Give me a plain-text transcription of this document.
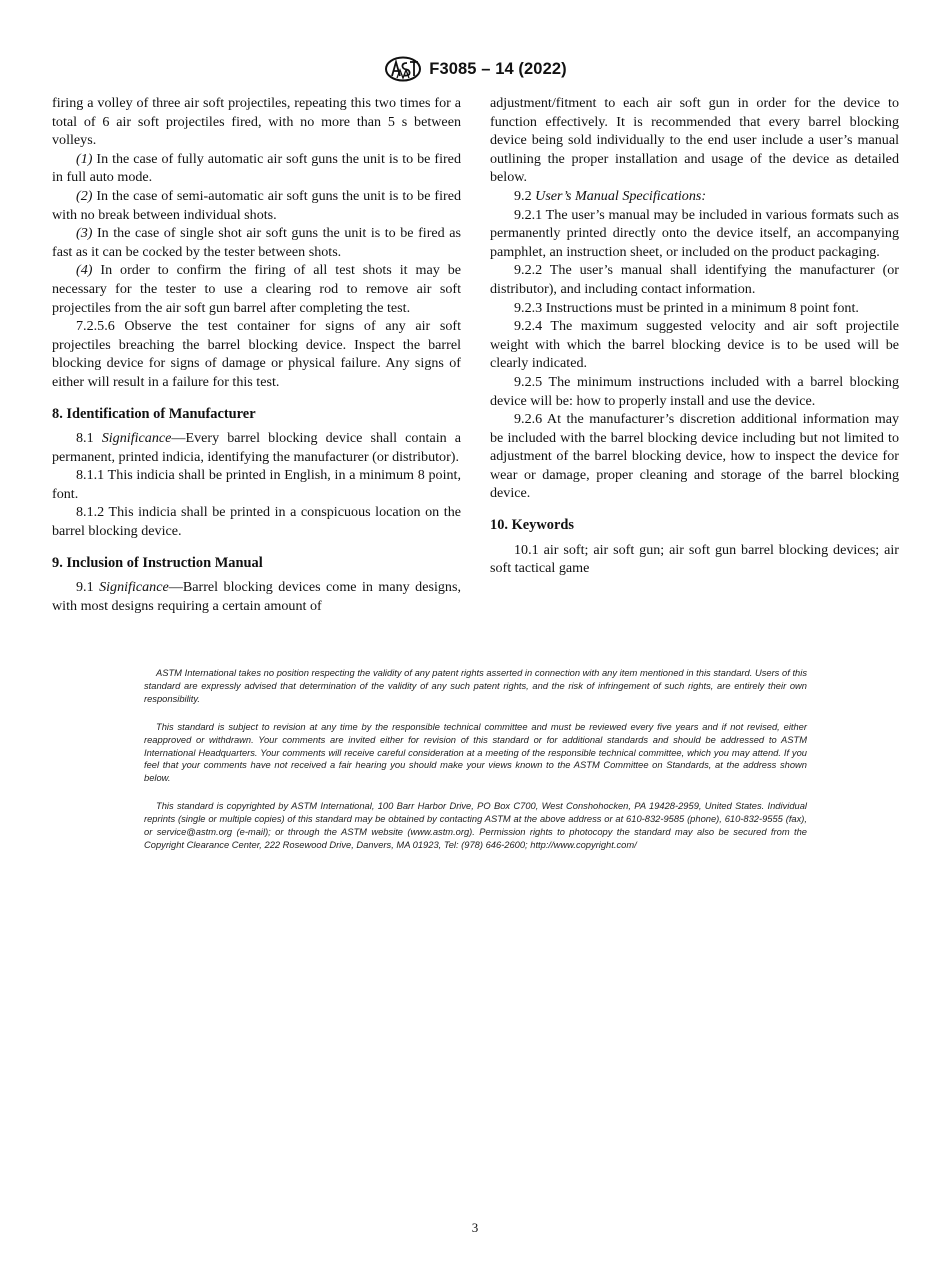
F3085 – 14 (2022)

firing a volley of three air soft projectiles, repeating this two times for a total of 6 air soft projectiles fired, with no more than 5 s between volleys.

(1) In the case of fully automatic air soft guns the unit is to be fired in full auto mode.

(2) In the case of semi-automatic air soft guns the unit is to be fired with no break between individual shots.

(3) In the case of single shot air soft guns the unit is to be fired as fast as it can be cocked by the tester between shots.

(4) In order to confirm the firing of all test shots it may be necessary for the tester to use a clearing rod to remove air soft projectiles from the air soft gun barrel after completing the test.

7.2.5.6 Observe the test container for signs of any air soft projectiles breaching the barrel blocking device. Inspect the barrel blocking device for signs of damage or physical failure. Any signs of either will result in a failure for this test.

8. Identification of Manufacturer

8.1 Significance—Every barrel blocking device shall contain a permanent, printed indicia, identifying the manufacturer (or distributor).

8.1.1 This indicia shall be printed in English, in a minimum 8 point, font.

8.1.2 This indicia shall be printed in a conspicuous location on the barrel blocking device.

9. Inclusion of Instruction Manual

9.1 Significance—Barrel blocking devices come in many designs, with most designs requiring a certain amount of

adjustment/fitment to each air soft gun in order for the device to function effectively. It is recommended that every barrel blocking device being sold individually to the end user include a user’s manual outlining the proper installation and usage of the device as detailed below.

9.2 User’s Manual Specifications:

9.2.1 The user’s manual may be included in various formats such as permanently printed directly onto the device itself, an accompanying pamphlet, an instruction sheet, or included on the product packaging.

9.2.2 The user’s manual shall identifying the manufacturer (or distributor), and including contact information.

9.2.3 Instructions must be printed in a minimum 8 point font.

9.2.4 The maximum suggested velocity and air soft projectile weight with which the barrel blocking device is to be used will be clearly indicated.

9.2.5 The minimum instructions included with a barrel blocking device will be: how to properly install and use the device.

9.2.6 At the manufacturer’s discretion additional information may be included with the barrel blocking device including but not limited to adjustment of the barrel blocking device, how to inspect the device for wear or damage, proper cleaning and storage of the barrel blocking device.

10. Keywords

10.1 air soft; air soft gun; air soft gun barrel blocking devices; air soft tactical game

ASTM International takes no position respecting the validity of any patent rights asserted in connection with any item mentioned in this standard. Users of this standard are expressly advised that determination of the validity of any such patent rights, and the risk of infringement of such rights, are entirely their own responsibility.

This standard is subject to revision at any time by the responsible technical committee and must be reviewed every five years and if not revised, either reapproved or withdrawn. Your comments are invited either for revision of this standard or for additional standards and should be addressed to ASTM International Headquarters. Your comments will receive careful consideration at a meeting of the responsible technical committee, which you may attend. If you feel that your comments have not received a fair hearing you should make your views known to the ASTM Committee on Standards, at the address shown below.

This standard is copyrighted by ASTM International, 100 Barr Harbor Drive, PO Box C700, West Conshohocken, PA 19428-2959, United States. Individual reprints (single or multiple copies) of this standard may be obtained by contacting ASTM at the above address or at 610-832-9585 (phone), 610-832-9555 (fax), or service@astm.org (e-mail); or through the ASTM website (www.astm.org). Permission rights to photocopy the standard may also be secured from the Copyright Clearance Center, 222 Rosewood Drive, Danvers, MA 01923, Tel: (978) 646-2600; http://www.copyright.com/

3
